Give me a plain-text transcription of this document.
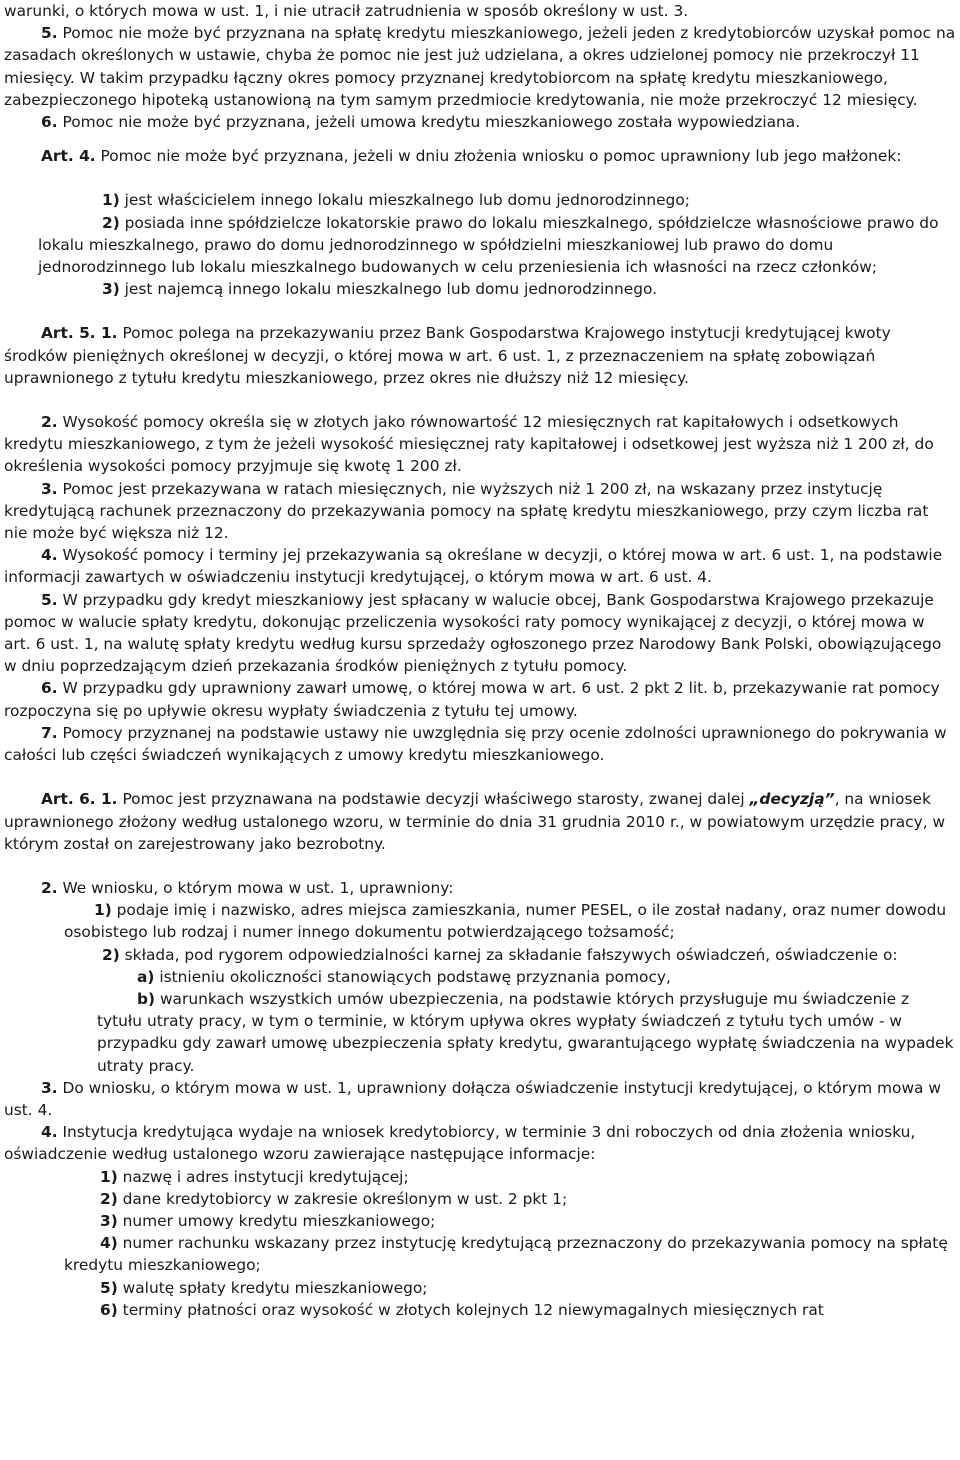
warunki, o których mowa w ust. 1, i nie utracił zatrudnienia w sposób określony w ust. 3.

5. Pomoc nie może być przyznana na spłatę kredytu mieszkaniowego, jeżeli jeden z kredytobiorców uzyskał pomoc na zasadach określonych w ustawie, chyba że pomoc nie jest już udzielana, a okres udzielonej pomocy nie przekroczył 11 miesięcy. W takim przypadku łączny okres pomocy przyznanej kredytobiorcom na spłatę kredytu mieszkaniowego, zabezpieczonego hipoteką ustanowioną na tym samym przedmiocie kredytowania, nie może przekroczyć 12 miesięcy.

6. Pomoc nie może być przyznana, jeżeli umowa kredytu mieszkaniowego została wypowiedziana.

Art. 4. Pomoc nie może być przyznana, jeżeli w dniu złożenia wniosku o pomoc uprawniony lub jego małżonek:

1) jest właścicielem innego lokalu mieszkalnego lub domu jednorodzinnego;

2) posiada inne spółdzielcze lokatorskie prawo do lokalu mieszkalnego, spółdzielcze własnościowe prawo do lokalu mieszkalnego, prawo do domu jednorodzinnego w spółdzielni mieszkaniowej lub prawo do domu jednorodzinnego lub lokalu mieszkalnego budowanych w celu przeniesienia ich własności na rzecz członków;

3) jest najemcą innego lokalu mieszkalnego lub domu jednorodzinnego.

Art. 5. 1. Pomoc polega na przekazywaniu przez Bank Gospodarstwa Krajowego instytucji kredytującej kwoty środków pieniężnych określonej w decyzji, o której mowa w art. 6 ust. 1, z przeznaczeniem na spłatę zobowiązań uprawnionego z tytułu kredytu mieszkaniowego, przez okres nie dłuższy niż 12 miesięcy.

2. Wysokość pomocy określa się w złotych jako równowartość 12 miesięcznych rat kapitałowych i odsetkowych kredytu mieszkaniowego, z tym że jeżeli wysokość miesięcznej raty kapitałowej i odsetkowej jest wyższa niż 1 200 zł, do określenia wysokości pomocy przyjmuje się kwotę 1 200 zł.

3. Pomoc jest przekazywana w ratach miesięcznych, nie wyższych niż 1 200 zł, na wskazany przez instytucję kredytującą rachunek przeznaczony do przekazywania pomocy na spłatę kredytu mieszkaniowego, przy czym liczba rat nie może być większa niż 12.

4. Wysokość pomocy i terminy jej przekazywania są określane w decyzji, o której mowa w art. 6 ust. 1, na podstawie informacji zawartych w oświadczeniu instytucji kredytującej, o którym mowa w art. 6 ust. 4.

5. W przypadku gdy kredyt mieszkaniowy jest spłacany w walucie obcej, Bank Gospodarstwa Krajowego przekazuje pomoc w walucie spłaty kredytu, dokonując przeliczenia wysokości raty pomocy wynikającej z decyzji, o której mowa w art. 6 ust. 1, na walutę spłaty kredytu według kursu sprzedaży ogłoszonego przez Narodowy Bank Polski, obowiązującego w dniu poprzedzającym dzień przekazania środków pieniężnych z tytułu pomocy.

6. W przypadku gdy uprawniony zawarł umowę, o której mowa w art. 6 ust. 2 pkt 2 lit. b, przekazywanie rat pomocy rozpoczyna się po upływie okresu wypłaty świadczenia z tytułu tej umowy.

7. Pomocy przyznanej na podstawie ustawy nie uwzględnia się przy ocenie zdolności uprawnionego do pokrywania w całości lub części świadczeń wynikających z umowy kredytu mieszkaniowego.

Art. 6. 1. Pomoc jest przyznawana na podstawie decyzji właściwego starosty, zwanej dalej „decyzją”, na wniosek uprawnionego złożony według ustalonego wzoru, w terminie do dnia 31 grudnia 2010 r., w powiatowym urzędzie pracy, w którym został on zarejestrowany jako bezrobotny.

2. We wniosku, o którym mowa w ust. 1, uprawniony:

1) podaje imię i nazwisko, adres miejsca zamieszkania, numer PESEL, o ile został nadany, oraz numer dowodu osobistego lub rodzaj i numer innego dokumentu potwierdzającego tożsamość;

2) składa, pod rygorem odpowiedzialności karnej za składanie fałszywych oświadczeń, oświadczenie o:

a) istnieniu okoliczności stanowiących podstawę przyznania pomocy,

b) warunkach wszystkich umów ubezpieczenia, na podstawie których przysługuje mu świadczenie z tytułu utraty pracy, w tym o terminie, w którym upływa okres wypłaty świadczeń z tytułu tych umów - w przypadku gdy zawarł umowę ubezpieczenia spłaty kredytu, gwarantującego wypłatę świadczenia na wypadek utraty pracy.

3. Do wniosku, o którym mowa w ust. 1, uprawniony dołącza oświadczenie instytucji kredytującej, o którym mowa w ust. 4.

4. Instytucja kredytująca wydaje na wniosek kredytobiorcy, w terminie 3 dni roboczych od dnia złożenia wniosku, oświadczenie według ustalonego wzoru zawierające następujące informacje:

1) nazwę i adres instytucji kredytującej;

2) dane kredytobiorcy w zakresie określonym w ust. 2 pkt 1;

3) numer umowy kredytu mieszkaniowego;

4) numer rachunku wskazany przez instytucję kredytującą przeznaczony do przekazywania pomocy na spłatę kredytu mieszkaniowego;

5) walutę spłaty kredytu mieszkaniowego;

6) terminy płatności oraz wysokość w złotych kolejnych 12 niewymagalnych miesięcznych rat
